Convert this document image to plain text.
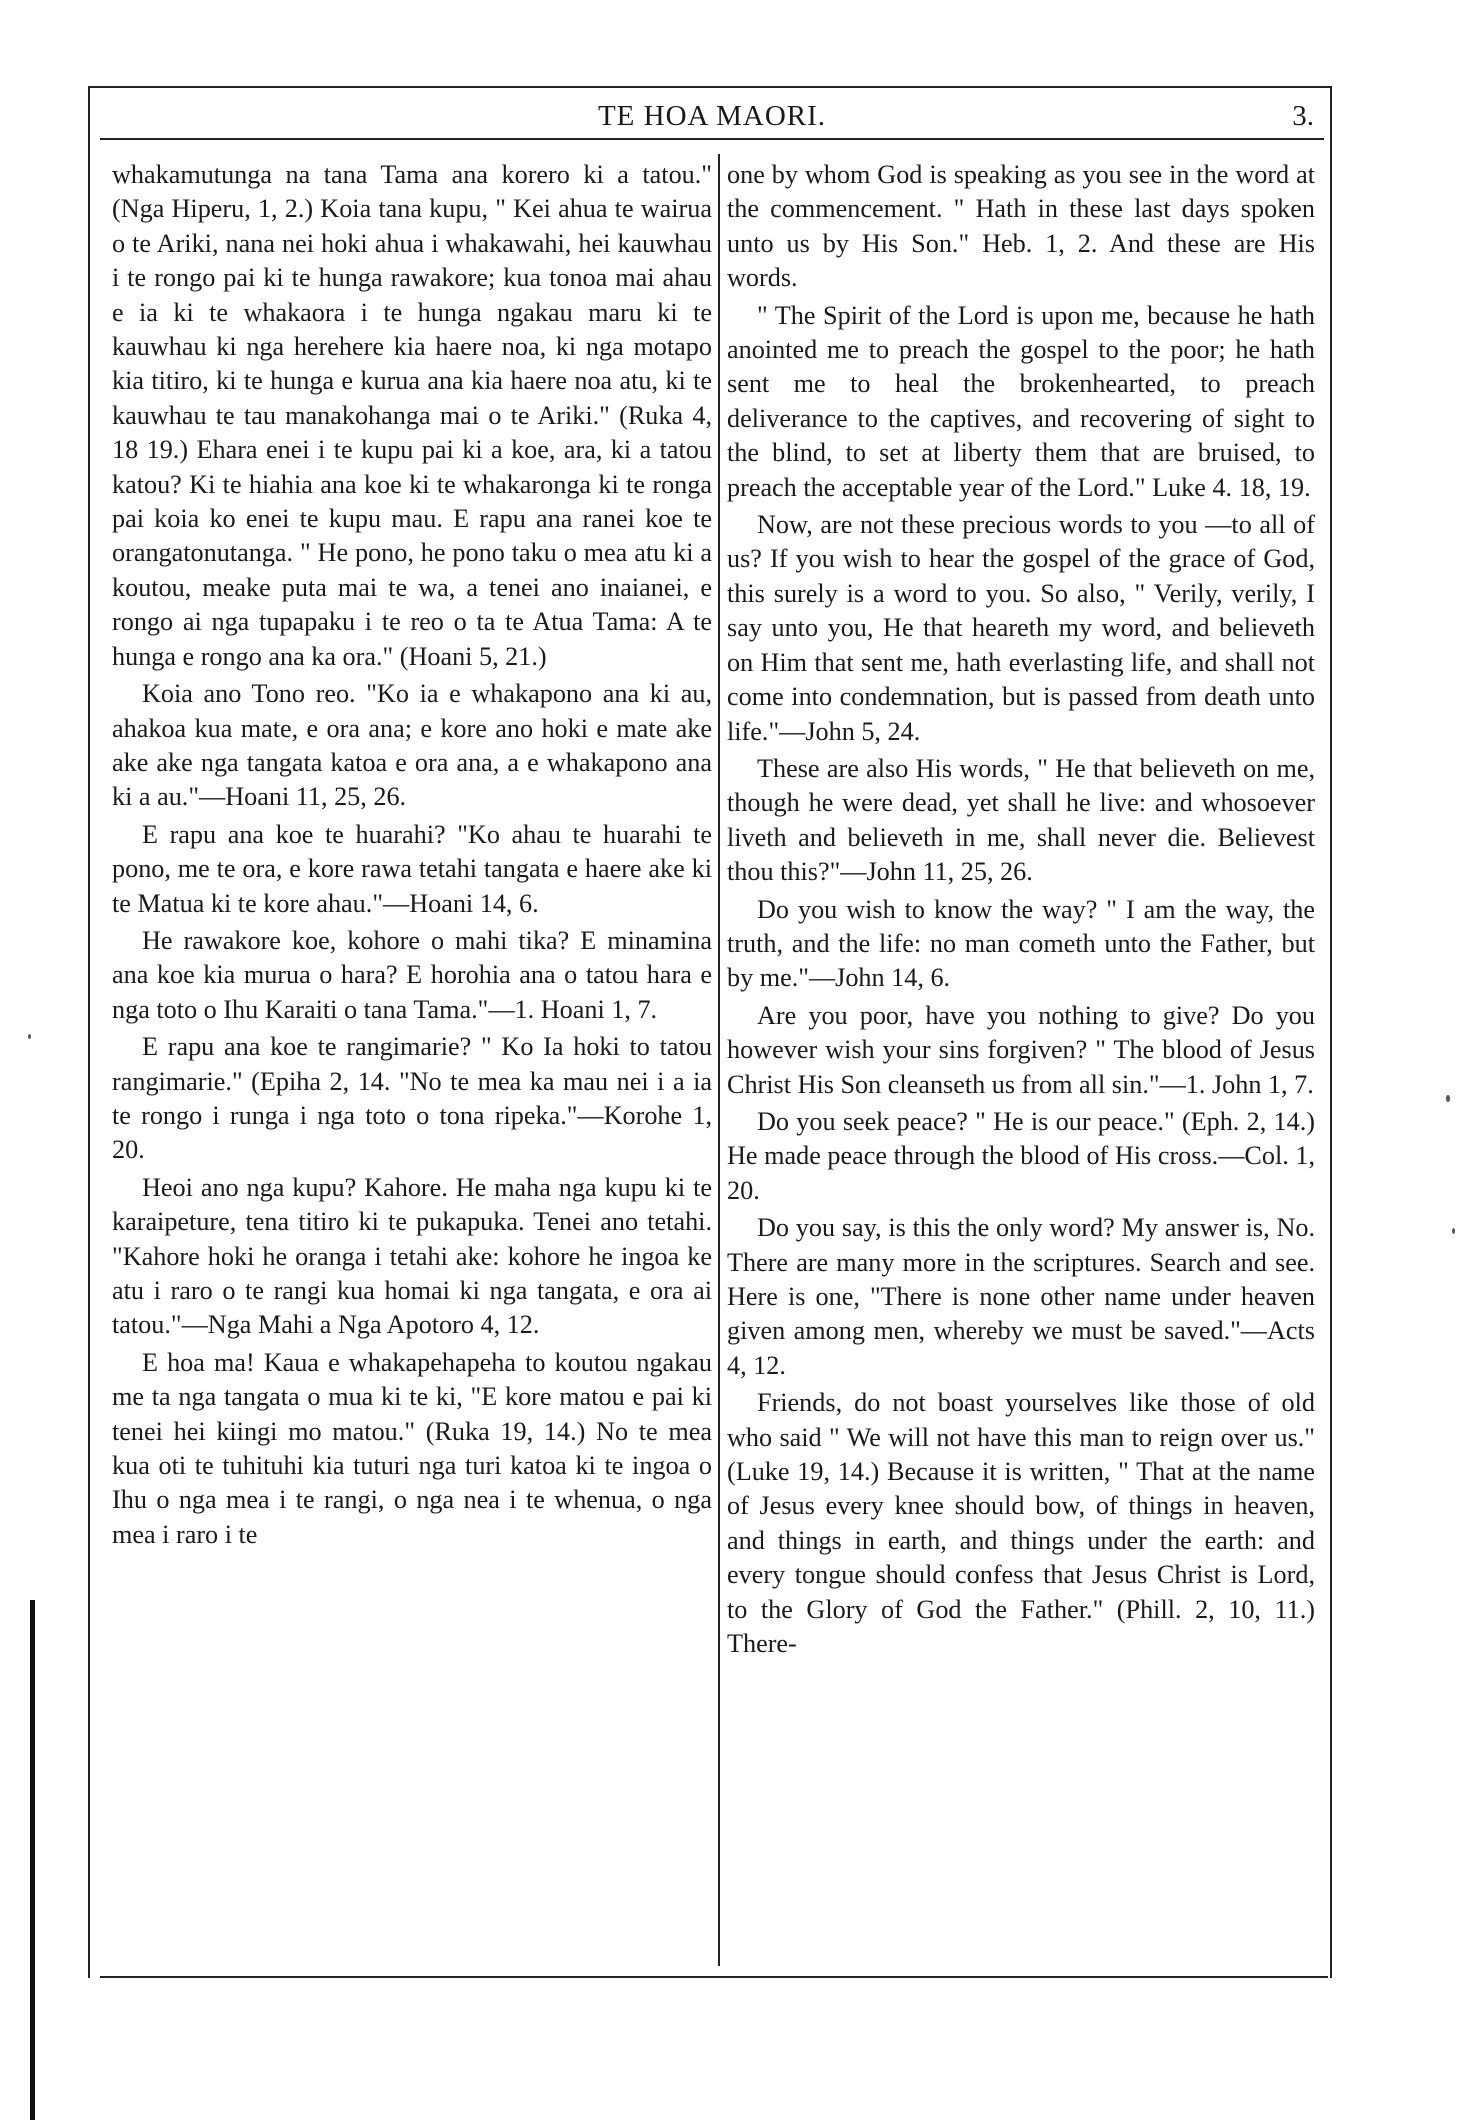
TE HOA MAORI.	3.

whakamutunga na tana Tama ana korero ki a tatou." (Nga Hiperu, 1, 2.) Koia tana kupu, " Kei ahua te wairua o te Ariki, nana nei hoki ahua i whakawahi, hei kauwhau i te rongo pai ki te hunga rawakore; kua tonoa mai ahau e ia ki te whakaora i te hunga ngakau maru ki te kauwhau ki nga herehere kia haere noa, ki nga motapo kia titiro, ki te hunga e kurua ana kia haere noa atu, ki te kauwhau te tau manakohanga mai o te Ariki." (Ruka 4, 18 19.) Ehara enei i te kupu pai ki a koe, ara, ki a tatou katou? Ki te hiahia ana koe ki te whakaronga ki te ronga pai koia ko enei te kupu mau. E rapu ana ranei koe te orangatonutanga. " He pono, he pono taku o mea atu ki a koutou, meake puta mai te wa, a tenei ano inaianei, e rongo ai nga tupapaku i te reo o ta te Atua Tama: A te hunga e rongo ana ka ora." (Hoani 5, 21.)

Koia ano Tono reo. "Ko ia e whakapono ana ki au, ahakoa kua mate, e ora ana; e kore ano hoki e mate ake ake ake nga tangata katoa e ora ana, a e whakapono ana ki a au."—Hoani 11, 25, 26.

E rapu ana koe te huarahi? "Ko ahau te huarahi te pono, me te ora, e kore rawa tetahi tangata e haere ake ki te Matua ki te kore ahau."—Hoani 14, 6.

He rawakore koe, kohore o mahi tika? E minamina ana koe kia murua o hara? E horohia ana o tatou hara e nga toto o Ihu Karaiti o tana Tama."—1. Hoani 1, 7.

E rapu ana koe te rangimarie? " Ko Ia hoki to tatou rangimarie." (Epiha 2, 14. "No te mea ka mau nei i a ia te rongo i runga i nga toto o tona ripeka."—Korohe 1, 20.

Heoi ano nga kupu? Kahore. He maha nga kupu ki te karaipeture, tena titiro ki te pukapuka. Tenei ano tetahi. "Kahore hoki he oranga i tetahi ake: kohore he ingoa ke atu i raro o te rangi kua homai ki nga tangata, e ora ai tatou."—Nga Mahi a Nga Apotoro 4, 12.

E hoa ma! Kaua e whakapehapeha to koutou ngakau me ta nga tangata o mua ki te ki, "E kore matou e pai ki tenei hei kiingi mo matou." (Ruka 19, 14.) No te mea kua oti te tuhituhi kia tuturi nga turi katoa ki te ingoa o Ihu o nga mea i te rangi, o nga nea i te whenua, o nga mea i raro i te

one by whom God is speaking as you see in the word at the commencement. " Hath in these last days spoken unto us by His Son." Heb. 1, 2. And these are His words.

" The Spirit of the Lord is upon me, because he hath anointed me to preach the gospel to the poor; he hath sent me to heal the brokenhearted, to preach deliverance to the captives, and recovering of sight to the blind, to set at liberty them that are bruised, to preach the acceptable year of the Lord." Luke 4. 18, 19.

Now, are not these precious words to you —to all of us? If you wish to hear the gospel of the grace of God, this surely is a word to you. So also, " Verily, verily, I say unto you, He that heareth my word, and believeth on Him that sent me, hath everlasting life, and shall not come into condemnation, but is passed from death unto life."—John 5, 24.

These are also His words, " He that believeth on me, though he were dead, yet shall he live: and whosoever liveth and believeth in me, shall never die. Believest thou this?"—John 11, 25, 26.

Do you wish to know the way? " I am the way, the truth, and the life: no man cometh unto the Father, but by me."—John 14, 6.

Are you poor, have you nothing to give? Do you however wish your sins forgiven? " The blood of Jesus Christ His Son cleanseth us from all sin."—1. John 1, 7.

Do you seek peace? " He is our peace." (Eph. 2, 14.) He made peace through the blood of His cross.—Col. 1, 20.

Do you say, is this the only word? My answer is, No. There are many more in the scriptures. Search and see. Here is one, "There is none other name under heaven given among men, whereby we must be saved."—Acts 4, 12.

Friends, do not boast yourselves like those of old who said " We will not have this man to reign over us." (Luke 19, 14.) Because it is written, " That at the name of Jesus every knee should bow, of things in heaven, and things in earth, and things under the earth: and every tongue should confess that Jesus Christ is Lord, to the Glory of God the Father." (Phill. 2, 10, 11.) There-
